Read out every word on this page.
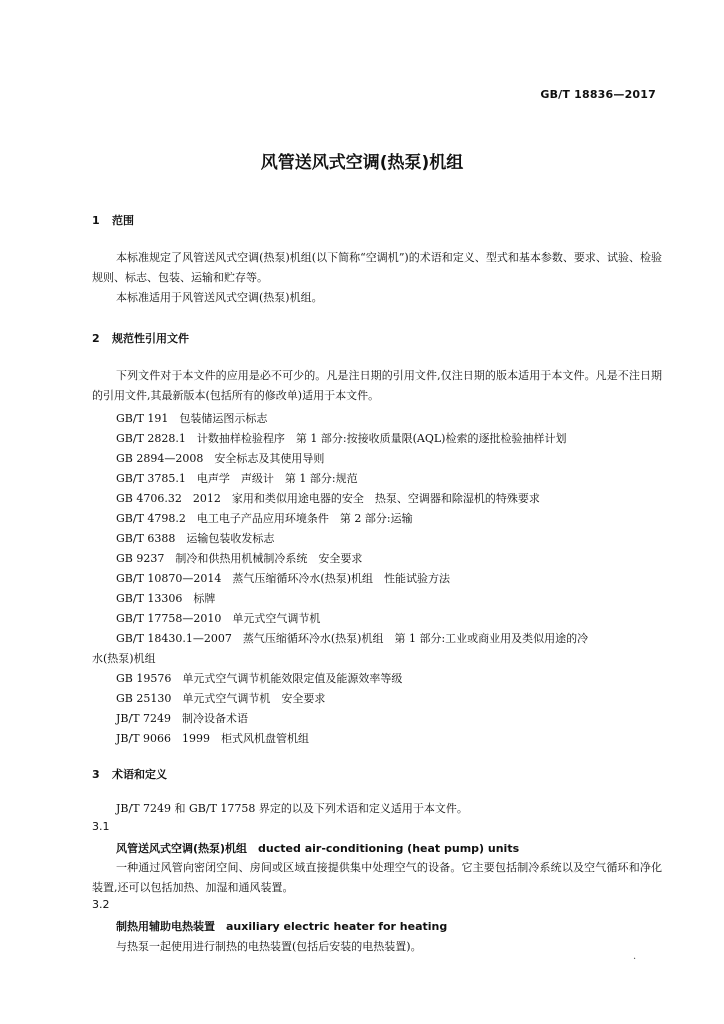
GB/T 18836—2017
风管送风式空调(热泵)机组
1 范围
本标准规定了风管送风式空调(热泵)机组(以下简称“空调机”)的术语和定义、型式和基本参数、要求、试验、检验规则、标志、包装、运输和贮存等。
本标准适用于风管送风式空调(热泵)机组。
2 规范性引用文件
下列文件对于本文件的应用是必不可少的。凡是注日期的引用文件,仅注日期的版本适用于本文件。凡是不注日期的引用文件,其最新版本(包括所有的修改单)适用于本文件。
GB/T 191　包装储运图示标志
GB/T 2828.1　计数抽样检验程序　第 1 部分:按接收质量限(AQL)检索的逐批检验抽样计划
GB 2894—2008　安全标志及其使用导则
GB/T 3785.1　电声学　声级计　第 1 部分:规范
GB 4706.32　2012　家用和类似用途电器的安全　热泵、空调器和除湿机的特殊要求
GB/T 4798.2　电工电子产品应用环境条件　第 2 部分:运输
GB/T 6388　运输包装收发标志
GB 9237　制冷和供热用机械制冷系统　安全要求
GB/T 10870—2014　蒸气压缩循环冷水(热泵)机组　性能试验方法
GB/T 13306　标牌
GB/T 17758—2010　单元式空气调节机
GB/T 18430.1—2007　蒸气压缩循环冷水(热泵)机组　第 1 部分:工业或商业用及类似用途的冷
水(热泵)机组
GB 19576　单元式空气调节机能效限定值及能源效率等级
GB 25130　单元式空气调节机　安全要求
JB/T 7249　制冷设备术语
JB/T 9066　1999　柜式风机盘管机组
3 术语和定义
JB/T 7249 和 GB/T 17758 界定的以及下列术语和定义适用于本文件。
3.1
风管送风式空调(热泵)机组　ducted air-conditioning (heat pump) units
一种通过风管向密闭空间、房间或区域直接提供集中处理空气的设备。它主要包括制冷系统以及空气循环和净化装置,还可以包括加热、加湿和通风装置。
3.2
制热用辅助电热装置　auxiliary electric heater for heating
与热泵一起使用进行制热的电热装置(包括后安装的电热装置)。
·
